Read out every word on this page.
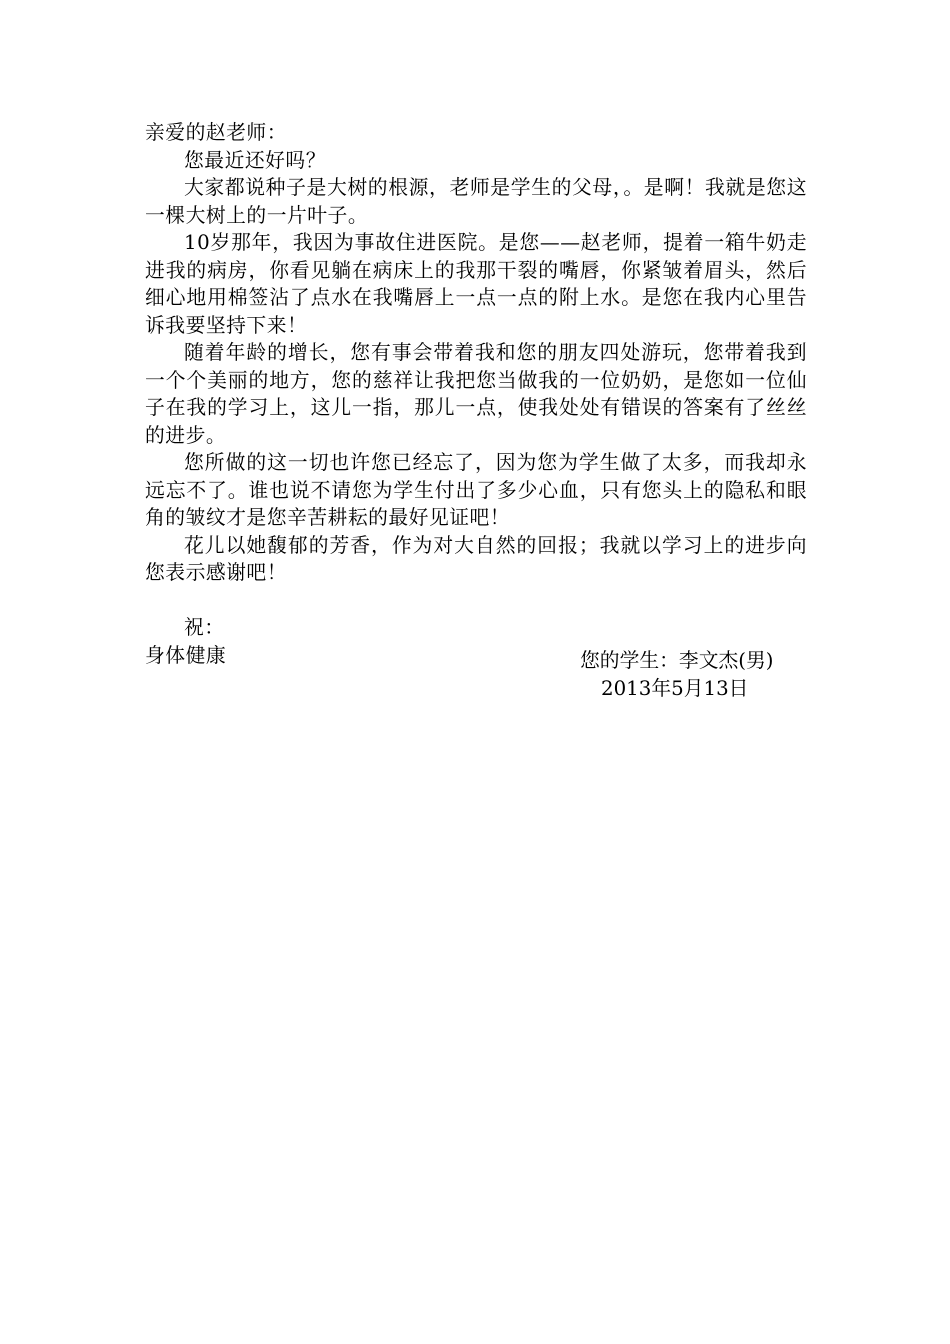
亲爱的赵老师：

您最近还好吗？

大家都说种子是大树的根源，老师是学生的父母，。是啊！我就是您这一棵大树上的一片叶子。

10岁那年，我因为事故住进医院。是您——赵老师，提着一箱牛奶走进我的病房，你看见躺在病床上的我那干裂的嘴唇，你紧皱着眉头，然后细心地用棉签沾了点水在我嘴唇上一点一点的附上水。是您在我内心里告诉我要坚持下来！

随着年龄的增长，您有事会带着我和您的朋友四处游玩，您带着我到一个个美丽的地方，您的慈祥让我把您当做我的一位奶奶，是您如一位仙子在我的学习上，这儿一指，那儿一点，使我处处有错误的答案有了丝丝的进步。

您所做的这一切也许您已经忘了，因为您为学生做了太多，而我却永远忘不了。谁也说不请您为学生付出了多少心血，只有您头上的隐私和眼角的皱纹才是您辛苦耕耘的最好见证吧！

花儿以她馥郁的芳香，作为对大自然的回报；我就以学习上的进步向您表示感谢吧！

祝：

身体健康	您的学生：李文杰(男)

2013年5月13日
